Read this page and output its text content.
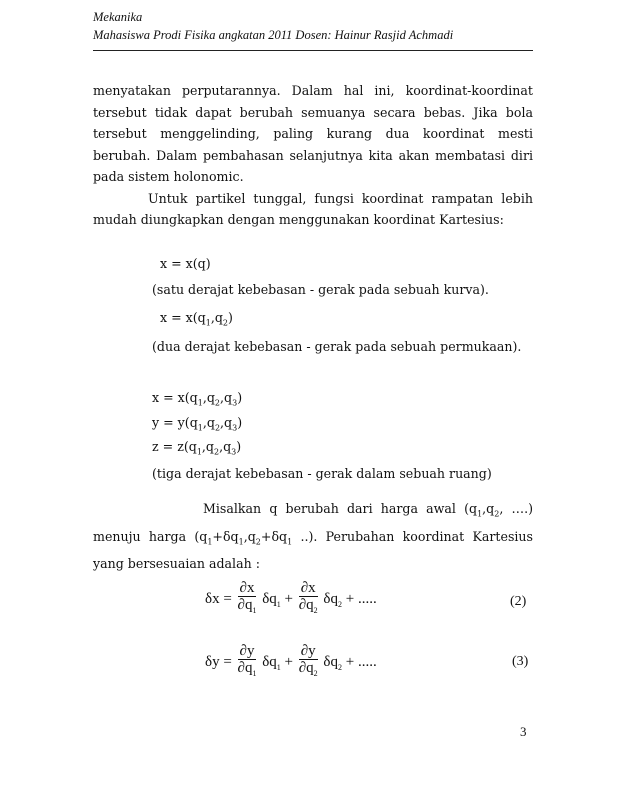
Mekanika
Mahasiswa Prodi Fisika angkatan 2011 Dosen: Hainur Rasjid Achmadi

menyatakan perputarannya. Dalam hal ini, koordinat-koordinat tersebut tidak dapat berubah semuanya secara bebas. Jika bola tersebut menggelinding, paling kurang dua koordinat mesti berubah. Dalam pembahasan selanjutnya kita akan membatasi diri pada sistem holonomic.

Untuk partikel tunggal, fungsi koordinat rampatan lebih mudah diungkapkan dengan menggunakan koordinat Kartesius:

x = x(q)
(satu derajat kebebasan - gerak pada sebuah kurva).
$x = x(q_1,q_2)$
(dua derajat kebebasan - gerak pada sebuah permukaan).
$x = x(q_1,q_2,q_3)$
$y = y(q_1,q_2,q_3)$
$z = z(q_1,q_2,q_3)$
(tiga derajat kebebasan - gerak dalam sebuah ruang)
Misalkan q berubah dari harga awal ($q_1,q_2$, ….) menuju harga ($q_1+\delta q_1,q_2+\delta q_1$ ..). Perubahan koordinat Kartesius yang bersesuaian adalah :
$\delta x = \frac{\partial x}{\partial q_1} \delta q_1 + \frac{\partial x}{\partial q_2} \delta q_2$ + .....	(2)
$\delta y = \frac{\partial y}{\partial q_1} \delta q_1 + \frac{\partial y}{\partial q_2} \delta q_2$ + .....	(3)
3
